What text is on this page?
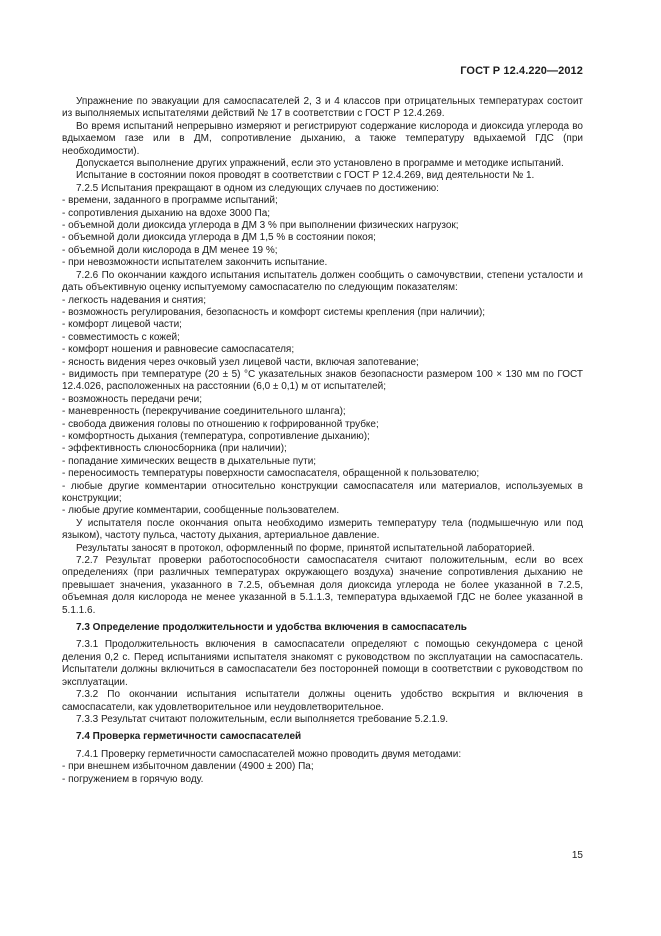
ГОСТ Р 12.4.220—2012

Упражнение по эвакуации для самоспасателей 2, 3 и 4 классов при отрицательных температурах состоит из выполняемых испытателями действий № 17 в соответствии с ГОСТ Р 12.4.269.

Во время испытаний непрерывно измеряют и регистрируют содержание кислорода и диоксида углерода во вдыхаемом газе или в ДМ, сопротивление дыханию, а также температуру вдыхаемой ГДС (при необходимости).

Допускается выполнение других упражнений, если это установлено в программе и методике испытаний.

Испытание в состоянии покоя проводят в соответствии с ГОСТ Р 12.4.269, вид деятельности № 1.

7.2.5 Испытания прекращают в одном из следующих случаев по достижению:

- времени, заданного в программе испытаний;

- сопротивления дыханию на вдохе 3000 Па;

- объемной доли диоксида углерода в ДМ 3 % при выполнении физических нагрузок;

- объемной доли диоксида углерода в ДМ 1,5 % в состоянии покоя;

- объемной доли кислорода в ДМ менее 19 %;

- при невозможности испытателем закончить испытание.

7.2.6 По окончании каждого испытания испытатель должен сообщить о самочувствии, степени усталости и дать объективную оценку испытуемому самоспасателю по следующим показателям:

- легкость надевания и снятия;

- возможность регулирования, безопасность и комфорт системы крепления (при наличии);

- комфорт лицевой части;

- совместимость с кожей;

- комфорт ношения и равновесие самоспасателя;

- ясность видения через очковый узел лицевой части, включая запотевание;

- видимость при температуре (20 ± 5) °С указательных знаков безопасности размером 100 × 130 мм по ГОСТ 12.4.026, расположенных на расстоянии (6,0 ± 0,1) м от испытателей;

- возможность передачи речи;

- маневренность (перекручивание соединительного шланга);

- свобода движения головы по отношению к гофрированной трубке;

- комфортность дыхания (температура, сопротивление дыханию);

- эффективность слюносборника (при наличии);

- попадание химических веществ в дыхательные пути;

- переносимость температуры поверхности самоспасателя, обращенной к пользователю;

- любые другие комментарии относительно конструкции самоспасателя или материалов, используемых в конструкции;

- любые другие комментарии, сообщенные пользователем.

У испытателя после окончания опыта необходимо измерить температуру тела (подмышечную или под языком), частоту пульса, частоту дыхания, артериальное давление.

Результаты заносят в протокол, оформленный по форме, принятой испытательной лабораторией.

7.2.7 Результат проверки работоспособности самоспасателя считают положительным, если во всех определениях (при различных температурах окружающего воздуха) значение сопротивления дыханию не превышает значения, указанного в 7.2.5, объемная доля диоксида углерода не более указанной в 7.2.5, объемная доля кислорода не менее указанной в 5.1.1.3, температура вдыхаемой ГДС не более указанной в 5.1.1.6.

7.3 Определение продолжительности и удобства включения в самоспасатель

7.3.1 Продолжительность включения в самоспасатели определяют с помощью секундомера с ценой деления 0,2 с. Перед испытаниями испытателя знакомят с руководством по эксплуатации на самоспасатель. Испытатели должны включиться в самоспасатели без посторонней помощи в соответствии с руководством по эксплуатации.

7.3.2 По окончании испытания испытатели должны оценить удобство вскрытия и включения в самоспасатели, как удовлетворительное или неудовлетворительное.

7.3.3 Результат считают положительным, если выполняется требование 5.2.1.9.

7.4 Проверка герметичности самоспасателей

7.4.1 Проверку герметичности самоспасателей можно проводить двумя методами:

- при внешнем избыточном давлении (4900 ± 200) Па;

- погружением в горячую воду.

15
